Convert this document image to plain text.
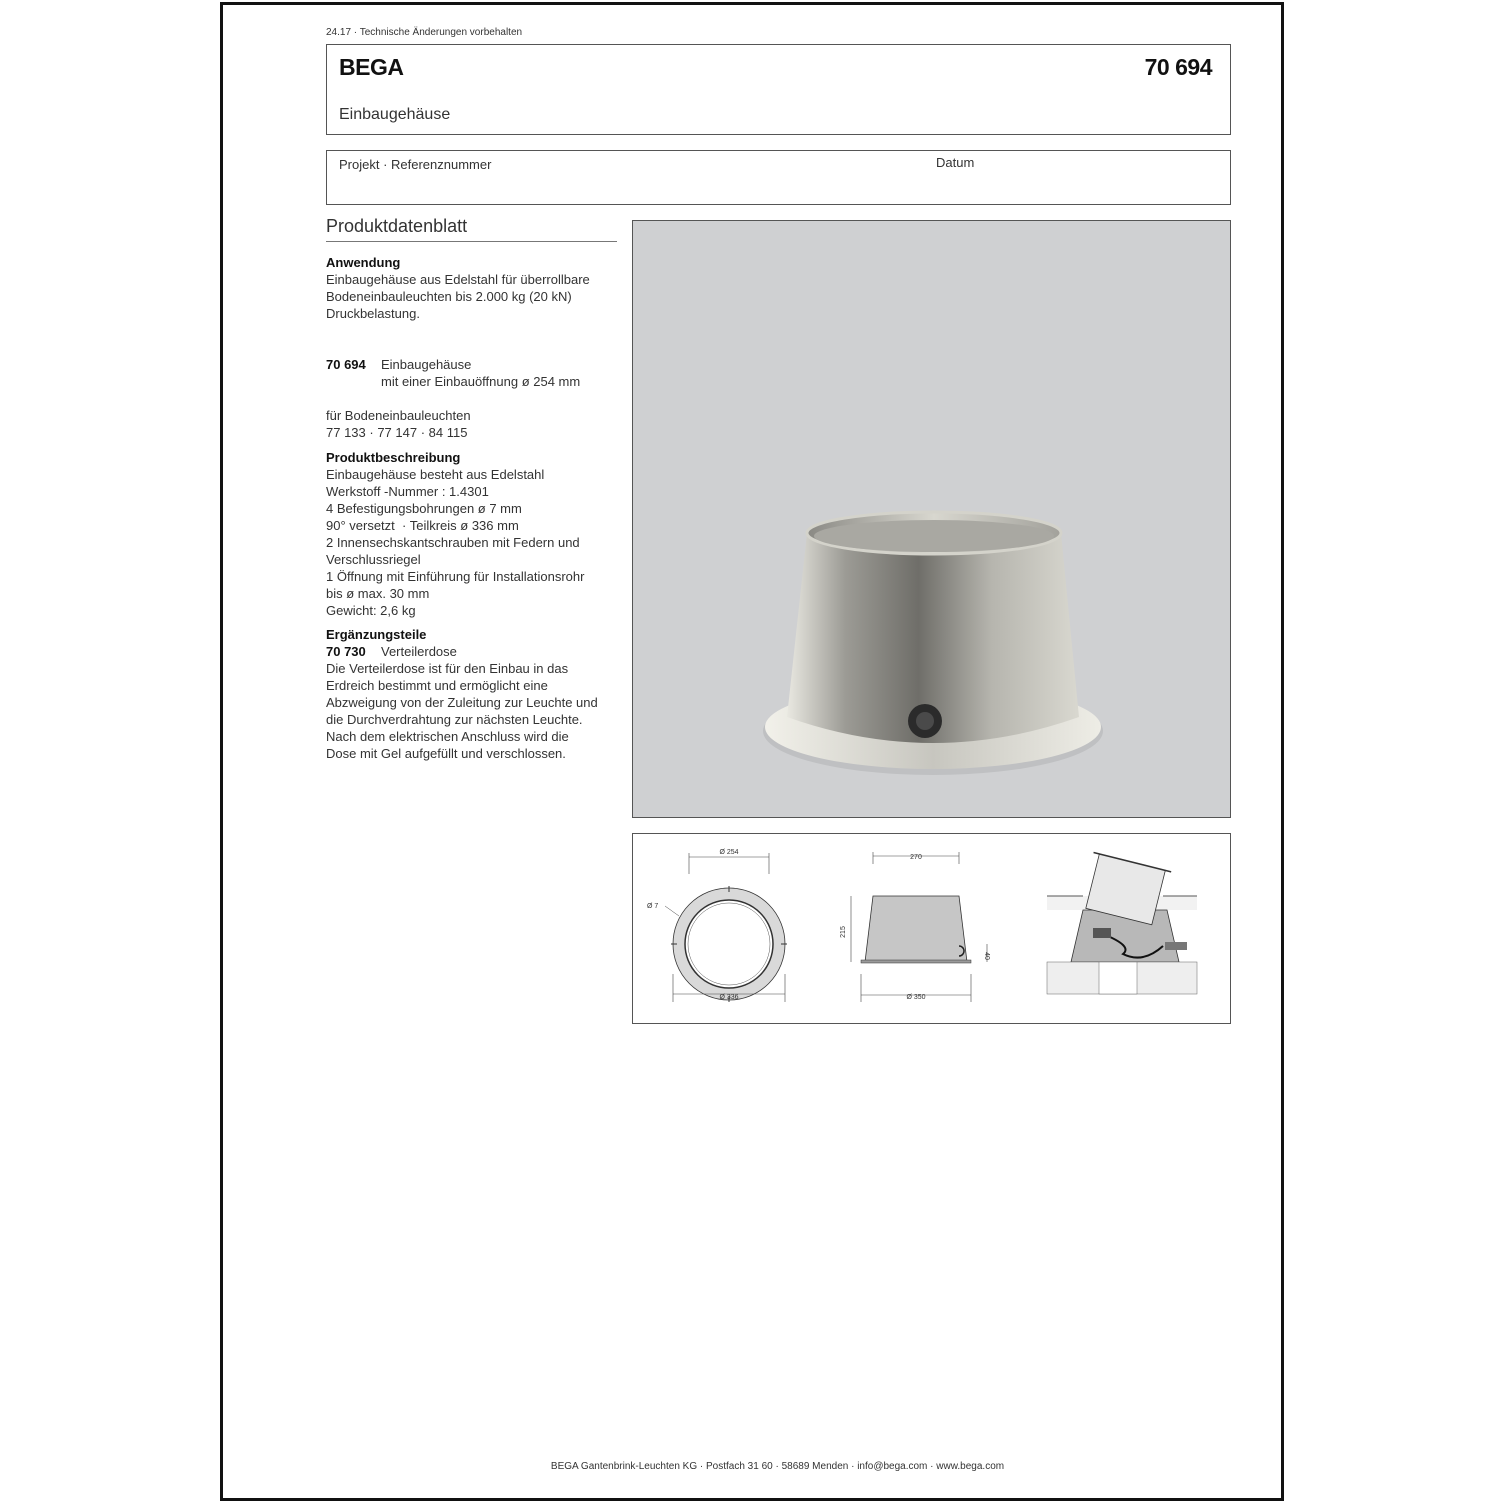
24.17 · Technische Änderungen vorbehalten
BEGA	70 694
Einbaugehäuse
Projekt · Referenznummer	Datum
Produktdatenblatt
Anwendung
Einbaugehäuse aus Edelstahl für überrollbare
Bodeneinbauleuchten bis 2.000 kg (20 kN)
Druckbelastung.
70 694	Einbaugehäuse
mit einer Einbauöffnung ø 254 mm
für Bodeneinbauleuchten
77 133 · 77 147 · 84 115
Produktbeschreibung
Einbaugehäuse besteht aus Edelstahl
Werkstoff -Nummer : 1.4301
4 Befestigungsbohrungen ø 7 mm
90° versetzt  · Teilkreis ø 336 mm
2 Innensechskantschrauben mit Federn und
Verschlussriegel
1 Öffnung mit Einführung für Installationsrohr
bis ø max. 30 mm
Gewicht: 2,6 kg
Ergänzungsteile
70 730	Verteilerdose
Die Verteilerdose ist für den Einbau in das
Erdreich bestimmt und ermöglicht eine
Abzweigung von der Zuleitung zur Leuchte und
die Durchverdrahtung zur nächsten Leuchte.
Nach dem elektrischen Anschluss wird die
Dose mit Gel aufgefüllt und verschlossen.
Ø 254
Ø 7
Ø 336
270
215
40
Ø 350
BEGA Gantenbrink-Leuchten KG · Postfach 31 60 · 58689 Menden · info@bega.com · www.bega.com
